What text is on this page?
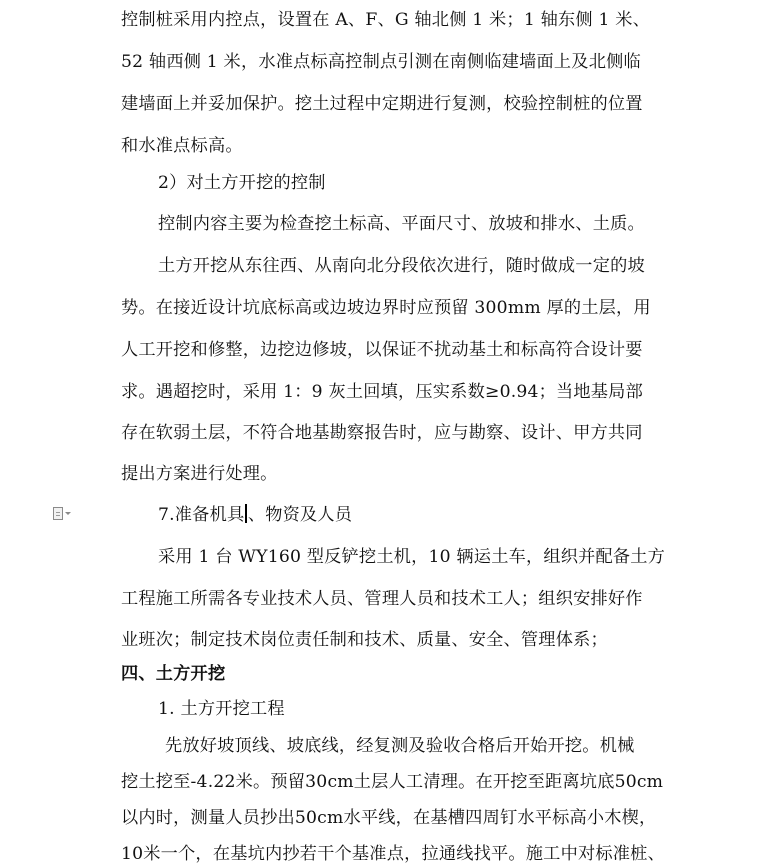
控制桩采用内控点，设置在 A、F、G 轴北侧 1 米；1 轴东侧 1 米、
52 轴西侧 1 米，水准点标高控制点引测在南侧临建墙面上及北侧临
建墙面上并妥加保护。挖土过程中定期进行复测，校验控制桩的位置
和水准点标高。
2）对土方开挖的控制
控制内容主要为检查挖土标高、平面尺寸、放坡和排水、土质。
土方开挖从东往西、从南向北分段依次进行，随时做成一定的坡
势。在接近设计坑底标高或边坡边界时应预留 300mm 厚的土层，用
人工开挖和修整，边挖边修坡，以保证不扰动基土和标高符合设计要
求。遇超挖时，采用 1：9 灰土回填，压实系数≥0.94；当地基局部
存在软弱土层，不符合地基勘察报告时，应与勘察、设计、甲方共同
提出方案进行处理。
7.准备机具 、物资及人员
采用 1 台 WY160 型反铲挖土机，10 辆运土车，组织并配备土方
工程施工所需各专业技术人员、管理人员和技术工人；组织安排好作
业班次；制定技术岗位责任制和技术、质量、安全、管理体系；
四、土方开挖
1. 土方开挖工程
先放好坡顶线、坡底线，经复测及验收合格后开始开挖。机械
挖土挖至-4.22米。预留30cm土层人工清理。在开挖至距离坑底50cm
以内时，测量人员抄出50cm水平线，在基槽四周钉水平标高小木楔，
10米一个，在基坑内抄若干个基准点，拉通线找平。施工中对标准桩、
